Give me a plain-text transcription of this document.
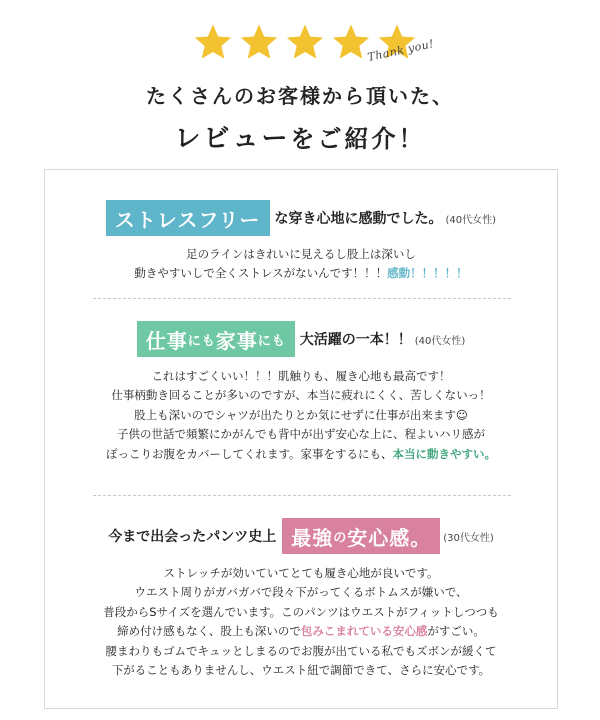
Thank you!
たくさんのお客様から頂いた、
レビューをご紹介！
ストレスフリー	な穿き心地に感動でした。 (40代女性)
足のラインはきれいに見えるし股上は深いし
動きやすいしで全くストレスがないんです！！！感動！！！！！
仕事 にも 家事 にも 大活躍の一本！！ (40代女性)
これはすごくいい！！！肌触りも、履き心地も最高です！
仕事柄動き回ることが多いのですが、本当に疲れにくく、苦しくないっ！
股上も深いのでシャツが出たりとか気にせずに仕事が出来ます☺
子供の世話で頻繁にかがんでも背中が出ず安心な上に、程よいハリ感が
ぽっこりお腹をカバーしてくれます。家事をするにも、本当に動きやすい。
今まで出会ったパンツ史上 最強 の 安心感。 (30代女性)
ストレッチが効いていてとても履き心地が良いです。
ウエスト周りがガバガバで段々下がってくるボトムスが嫌いで、
普段からSサイズを選んでいます。このパンツはウエストがフィットしつつも
締め付け感もなく、股上も深いので包みこまれている安心感がすごい。
腰まわりもゴムでキュッとしまるのでお腹が出ている私でもズボンが緩くて
下がることもありませんし、ウエスト紐で調節できて、さらに安心です。
